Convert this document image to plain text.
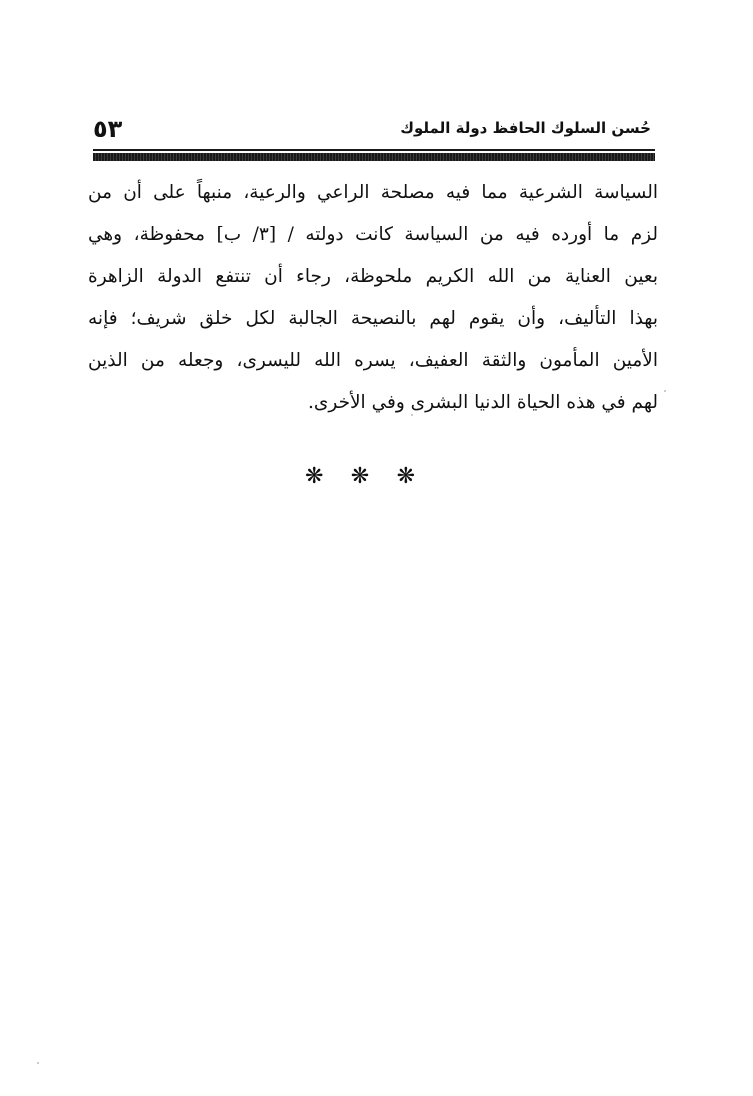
٥٣	حُسن السلوك الحافظ دولة الملوك
السياسة الشرعية مما فيه مصلحة الراعي والرعية، منبهاً على أن من
لزم ما أورده فيه من السياسة كانت دولته / [٣/ ب] محفوظة، وهي
بعين العناية من الله الكريم ملحوظة، رجاء أن تنتفع الدولة الزاهرة
بهذا التأليف، وأن يقوم لهم بالنصيحة الجالبة لكل خلق شريف؛ فإنه
الأمين المأمون والثقة العفيف، يسره الله لليسرى، وجعله من الذين
لهم في هذه الحياة الدنيا البشرى وفي الأخرى.
❋ ❋ ❋
